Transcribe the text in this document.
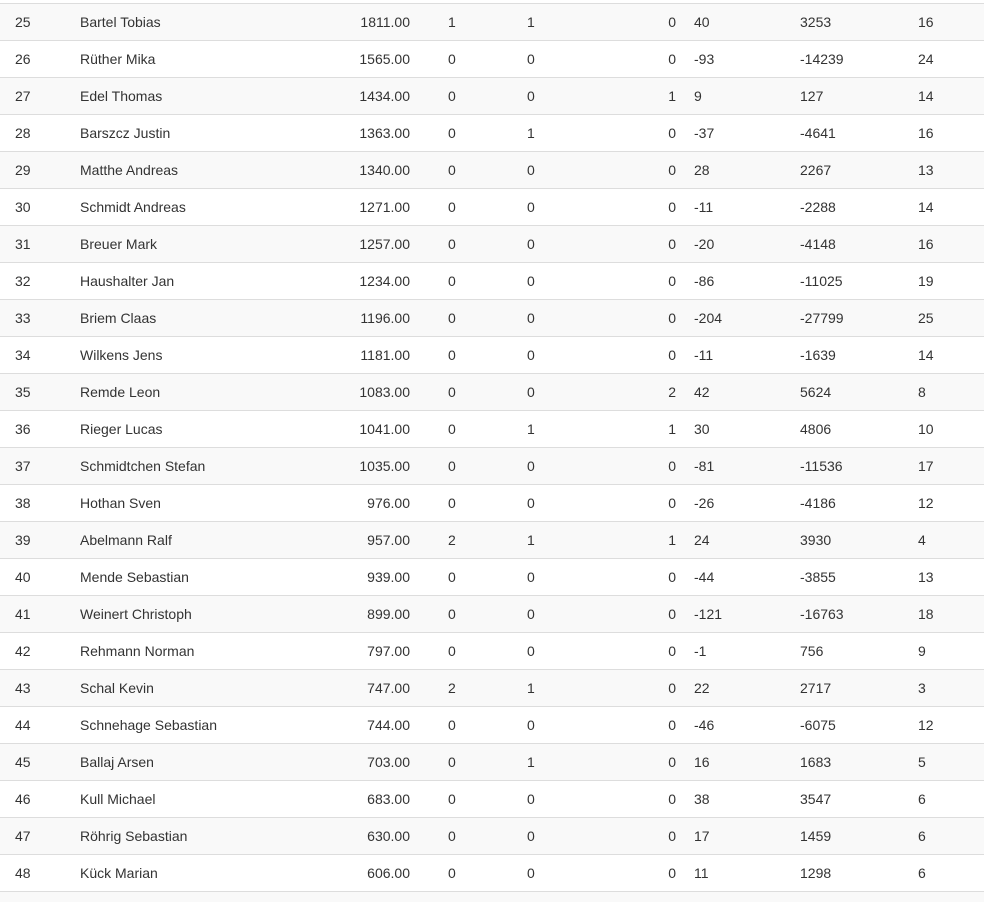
25	Bartel Tobias	1811.00	1	1	0	40	3253	16
26	Rüther Mika	1565.00	0	0	0	-93	-14239	24
27	Edel Thomas	1434.00	0	0	1	9	127	14
28	Barszcz Justin	1363.00	0	1	0	-37	-4641	16
29	Matthe Andreas	1340.00	0	0	0	28	2267	13
30	Schmidt Andreas	1271.00	0	0	0	-11	-2288	14
31	Breuer Mark	1257.00	0	0	0	-20	-4148	16
32	Haushalter Jan	1234.00	0	0	0	-86	-11025	19
33	Briem Claas	1196.00	0	0	0	-204	-27799	25
34	Wilkens Jens	1181.00	0	0	0	-11	-1639	14
35	Remde Leon	1083.00	0	0	2	42	5624	8
36	Rieger Lucas	1041.00	0	1	1	30	4806	10
37	Schmidtchen Stefan	1035.00	0	0	0	-81	-11536	17
38	Hothan Sven	976.00	0	0	0	-26	-4186	12
39	Abelmann Ralf	957.00	2	1	1	24	3930	4
40	Mende Sebastian	939.00	0	0	0	-44	-3855	13
41	Weinert Christoph	899.00	0	0	0	-121	-16763	18
42	Rehmann Norman	797.00	0	0	0	-1	756	9
43	Schal Kevin	747.00	2	1	0	22	2717	3
44	Schnehage Sebastian	744.00	0	0	0	-46	-6075	12
45	Ballaj Arsen	703.00	0	1	0	16	1683	5
46	Kull Michael	683.00	0	0	0	38	3547	6
47	Röhrig Sebastian	630.00	0	0	0	17	1459	6
48	Kück Marian	606.00	0	0	0	11	1298	6
